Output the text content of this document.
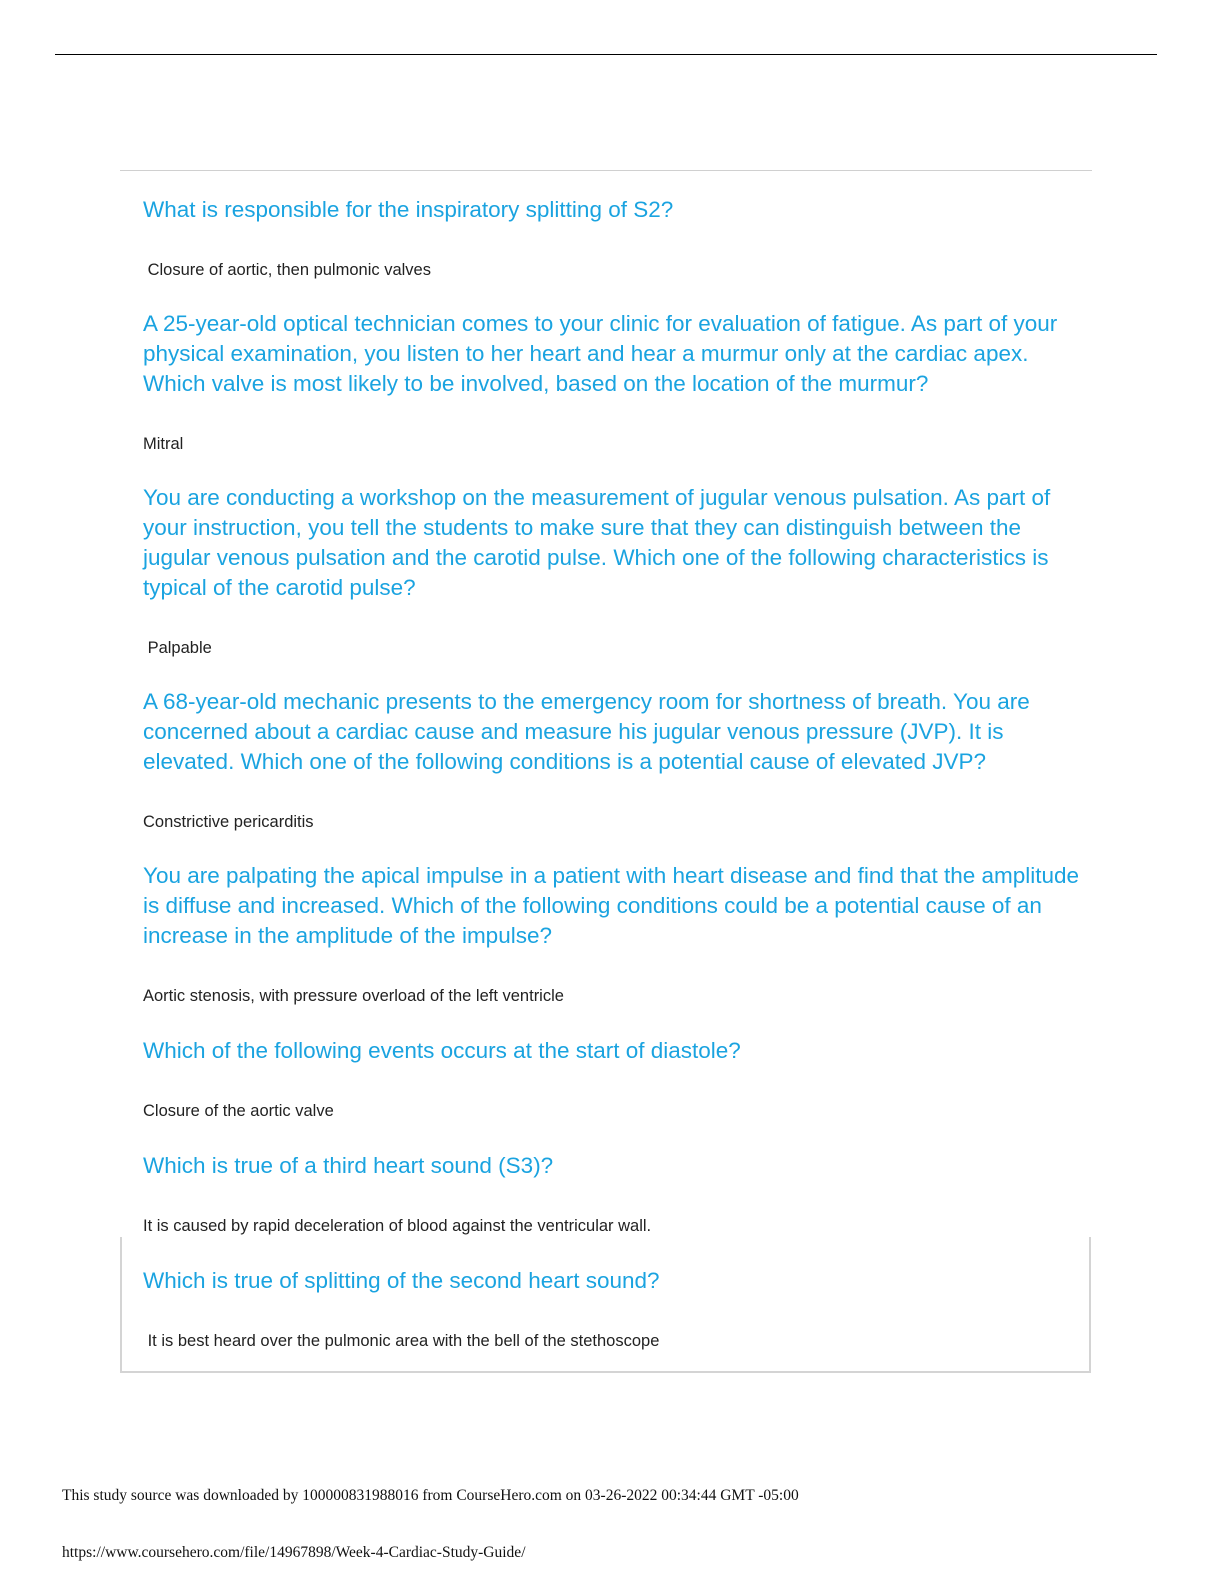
What is responsible for the inspiratory splitting of S2?

Closure of aortic, then pulmonic valves

A 25-year-old optical technician comes to your clinic for evaluation of fatigue. As part of your physical examination, you listen to her heart and hear a murmur only at the cardiac apex. Which valve is most likely to be involved, based on the location of the murmur?

Mitral

You are conducting a workshop on the measurement of jugular venous pulsation. As part of your instruction, you tell the students to make sure that they can distinguish between the jugular venous pulsation and the carotid pulse. Which one of the following characteristics is typical of the carotid pulse?

Palpable

A 68-year-old mechanic presents to the emergency room for shortness of breath. You are concerned about a cardiac cause and measure his jugular venous pressure (JVP). It is elevated. Which one of the following conditions is a potential cause of elevated JVP?

Constrictive pericarditis

You are palpating the apical impulse in a patient with heart disease and find that the amplitude is diffuse and increased. Which of the following conditions could be a potential cause of an increase in the amplitude of the impulse?

Aortic stenosis, with pressure overload of the left ventricle

Which of the following events occurs at the start of diastole?

Closure of the aortic valve

Which is true of a third heart sound (S3)?

It is caused by rapid deceleration of blood against the ventricular wall.

Which is true of splitting of the second heart sound?

It is best heard over the pulmonic area with the bell of the stethoscope

This study source was downloaded by 100000831988016 from CourseHero.com on 03-26-2022 00:34:44 GMT -05:00
https://www.coursehero.com/file/14967898/Week-4-Cardiac-Study-Guide/
